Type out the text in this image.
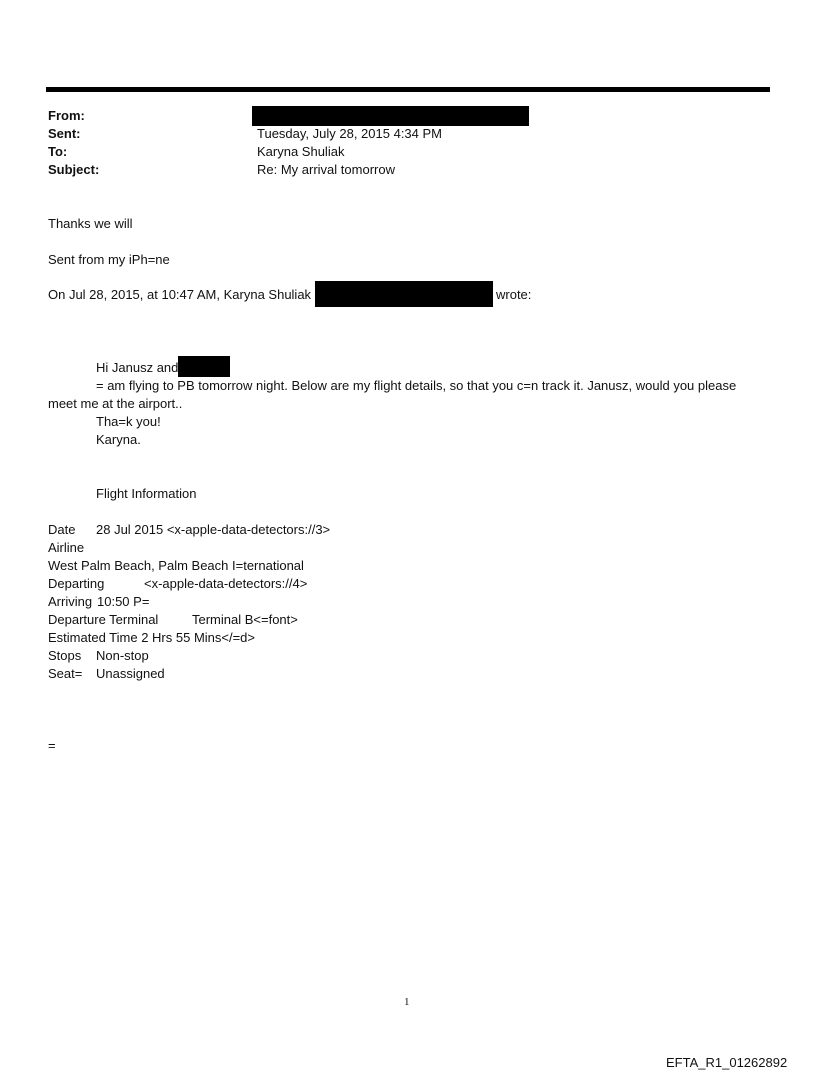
From:
Sent:	Tuesday, July 28, 2015 4:34 PM
To:	Karyna Shuliak
Subject:	Re: My arrival tomorrow
Thanks we will
Sent from my iPh=ne
On Jul 28, 2015, at 10:47 AM, Karyna Shuliak	wrote:
Hi Janusz and
= am flying to PB tomorrow night. Below are my flight details, so that you c=n track it. Janusz, would you please
meet me at the airport..
Tha=k you!
Karyna.
Flight Information
Date 28 Jul 2015 <x-apple-data-detectors://3>
Airline
West Palm Beach, Palm Beach I=ternational
Departing	<x-apple-data-detectors://4>
Arriving 10:50 P=
Departure Terminal	Terminal B<=font>
Estimated Time 2 Hrs 55 Mins</=d>
Stops Non-stop
Seat= Unassigned
=
1
EFTA_R1_01262892
